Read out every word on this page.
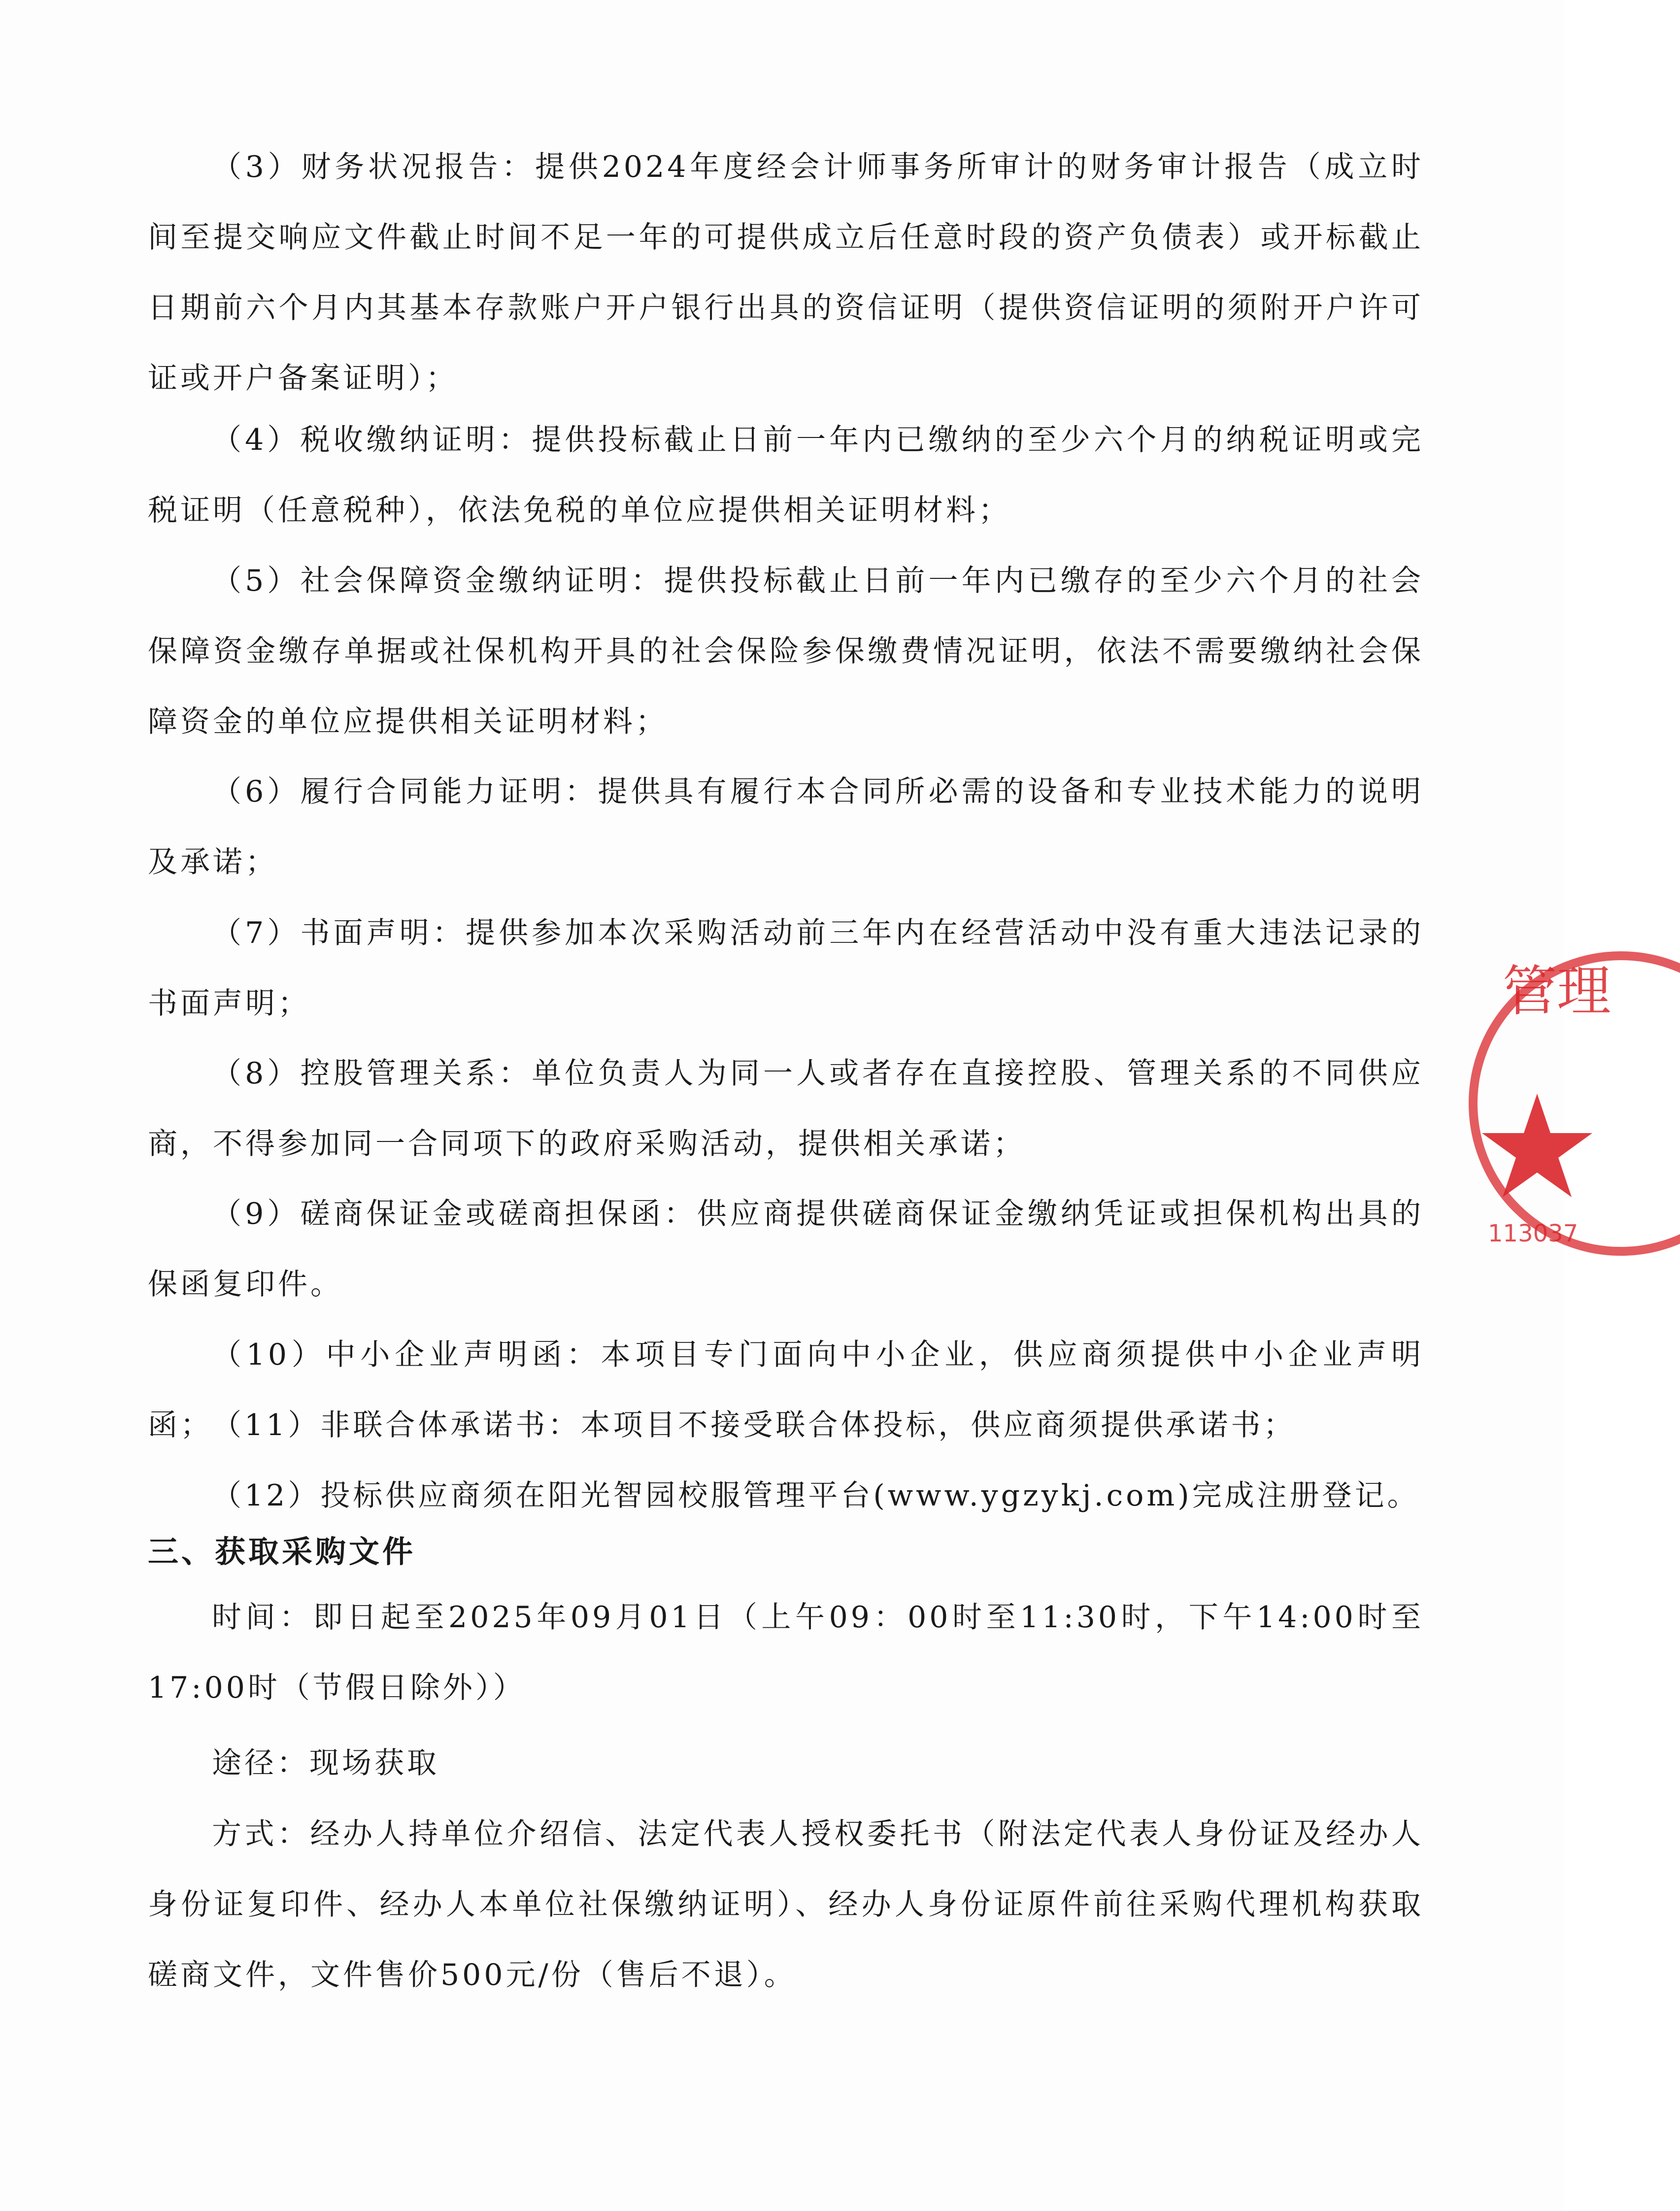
（3）财务状况报告：提供2024年度经会计师事务所审计的财务审计报告（成立时间至提交响应文件截止时间不足一年的可提供成立后任意时段的资产负债表）或开标截止日期前六个月内其基本存款账户开户银行出具的资信证明（提供资信证明的须附开户许可证或开户备案证明）；

（4）税收缴纳证明：提供投标截止日前一年内已缴纳的至少六个月的纳税证明或完税证明（任意税种），依法免税的单位应提供相关证明材料；

（5）社会保障资金缴纳证明：提供投标截止日前一年内已缴存的至少六个月的社会保障资金缴存单据或社保机构开具的社会保险参保缴费情况证明，依法不需要缴纳社会保障资金的单位应提供相关证明材料；

（6）履行合同能力证明：提供具有履行本合同所必需的设备和专业技术能力的说明及承诺；

（7）书面声明：提供参加本次采购活动前三年内在经营活动中没有重大违法记录的书面声明；

（8）控股管理关系：单位负责人为同一人或者存在直接控股、管理关系的不同供应商，不得参加同一合同项下的政府采购活动，提供相关承诺；

（9）磋商保证金或磋商担保函：供应商提供磋商保证金缴纳凭证或担保机构出具的保函复印件。

（10）中小企业声明函：本项目专门面向中小企业，供应商须提供中小企业声明函；

（11）非联合体承诺书：本项目不接受联合体投标，供应商须提供承诺书；

（12）投标供应商须在阳光智园校服管理平台(www.ygzykj.com)完成注册登记。

三、获取采购文件

时间：即日起至2025年09月01日（上午09：00时至11:30时，下午14:00时至17:00时（节假日除外））

途径：现场获取

方式：经办人持单位介绍信、法定代表人授权委托书（附法定代表人身份证及经办人身份证复印件、经办人本单位社保缴纳证明）、经办人身份证原件前往采购代理机构获取磋商文件，文件售价500元/份（售后不退）。

管理
113037
